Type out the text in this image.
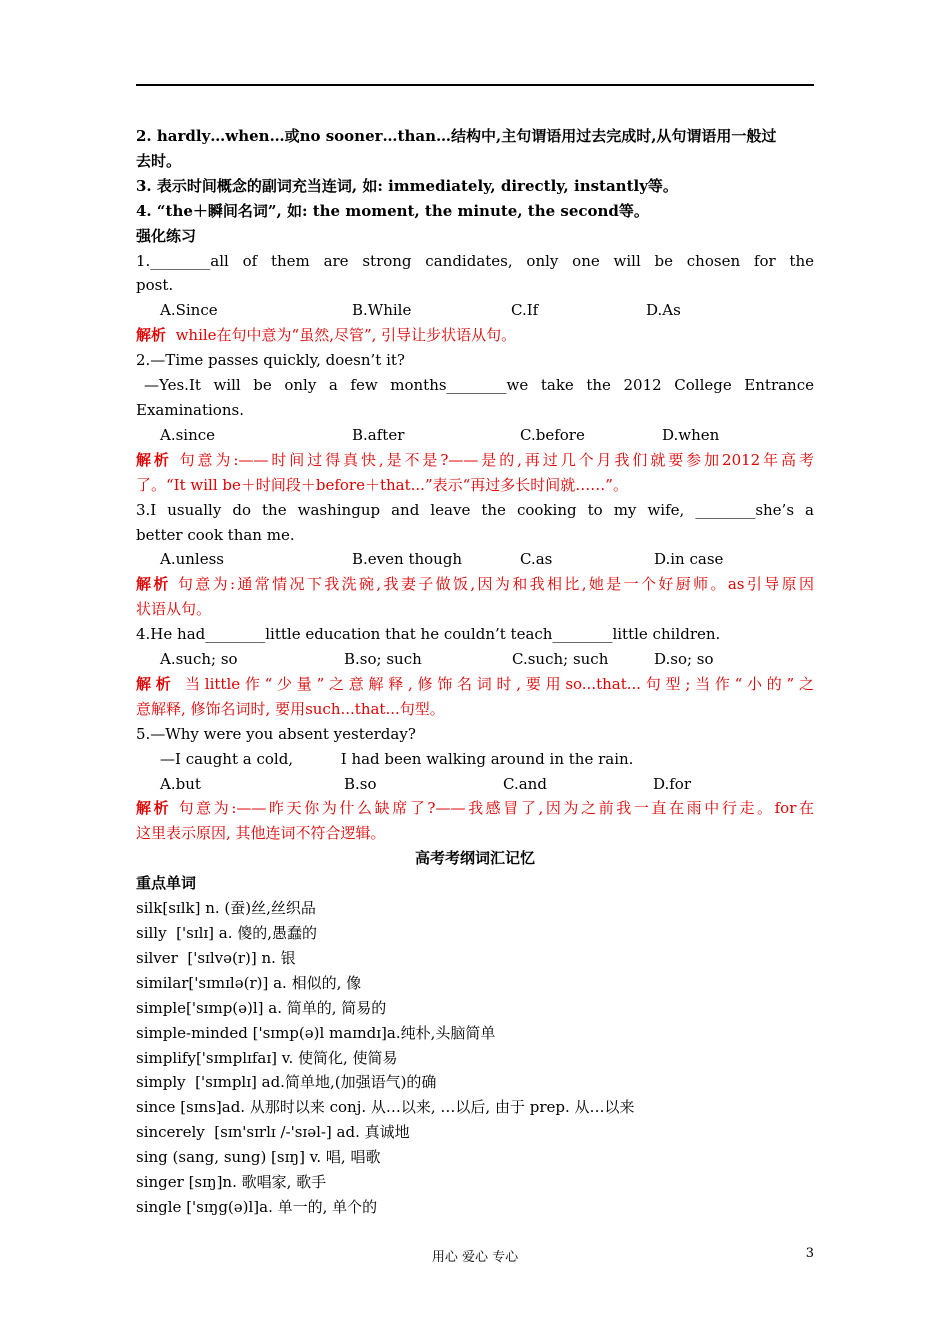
2. hardly…when…或no sooner…than…结构中,主句谓语用过去完成时,从句谓语用一般过
去时。
3. 表示时间概念的副词充当连词, 如: immediately, directly, instantly等。
4. “the＋瞬间名词”, 如: the moment, the minute, the second等。
强化练习
1.________all of them are strong candidates, only one will be chosen for the
post.
A.Since	B.While	C.If	D.As
解析 while在句中意为“虽然,尽管”, 引导让步状语从句。
2.—Time passes quickly, doesn’t it?
—Yes.It will be only a few months________we take the 2012 College Entrance
Examinations.
A.since	B.after	C.before	D.when
解析 句意为:——时间过得真快,是不是?——是的,再过几个月我们就要参加2012年高考
了。“It will be＋时间段＋before＋that...”表示“再过多长时间就……”。
3.I usually do the washingup and leave the cooking to my wife, ________she’s a
better cook than me.
A.unless	B.even though	C.as	D.in case
解析 句意为:通常情况下我洗碗,我妻子做饭,因为和我相比,她是一个好厨师。as引导原因
状语从句。
4.He had________little education that he couldn’t teach________little children.
A.such; so	B.so; such	C.such; such	D.so; so
解析 当little作“少量”之意解释,修饰名词时,要用so...that...句型;当作“小的”之
意解释, 修饰名词时, 要用such...that...句型。
5.—Why were you absent yesterday?
—I caught a cold,          I had been walking around in the rain.
A.but	B.so	C.and	D.for
解析 句意为:——昨天你为什么缺席了?——我感冒了,因为之前我一直在雨中行走。for在
这里表示原因, 其他连词不符合逻辑。
高考考纲词汇记忆
重点单词
silk[sɪlk] n. (蚕)丝,丝织品
silly  ['sɪlɪ] a. 傻的,愚蠢的
silver  ['sɪlvə(r)] n. 银
similar['sɪmɪlə(r)] a. 相似的, 像
simple['sɪmp(ə)l] a. 简单的, 简易的
simple-minded ['sɪmp(ə)l maɪndɪ]a.纯朴,头脑简单
simplify['sɪmplɪfaɪ] v. 使简化, 使简易
simply  ['sɪmplɪ] ad.简单地,(加强语气)的确
since [sɪns]ad. 从那时以来 conj. 从…以来, …以后, 由于 prep. 从…以来
sincerely  [sɪn'sɪrlɪ /-'sɪəl-] ad. 真诚地
sing (sang, sung) [sɪŋ] v. 唱, 唱歌
singer [sɪŋ]n. 歌唱家, 歌手
single ['sɪŋg(ə)l]a. 单一的, 单个的
用心 爱心 专心	3
